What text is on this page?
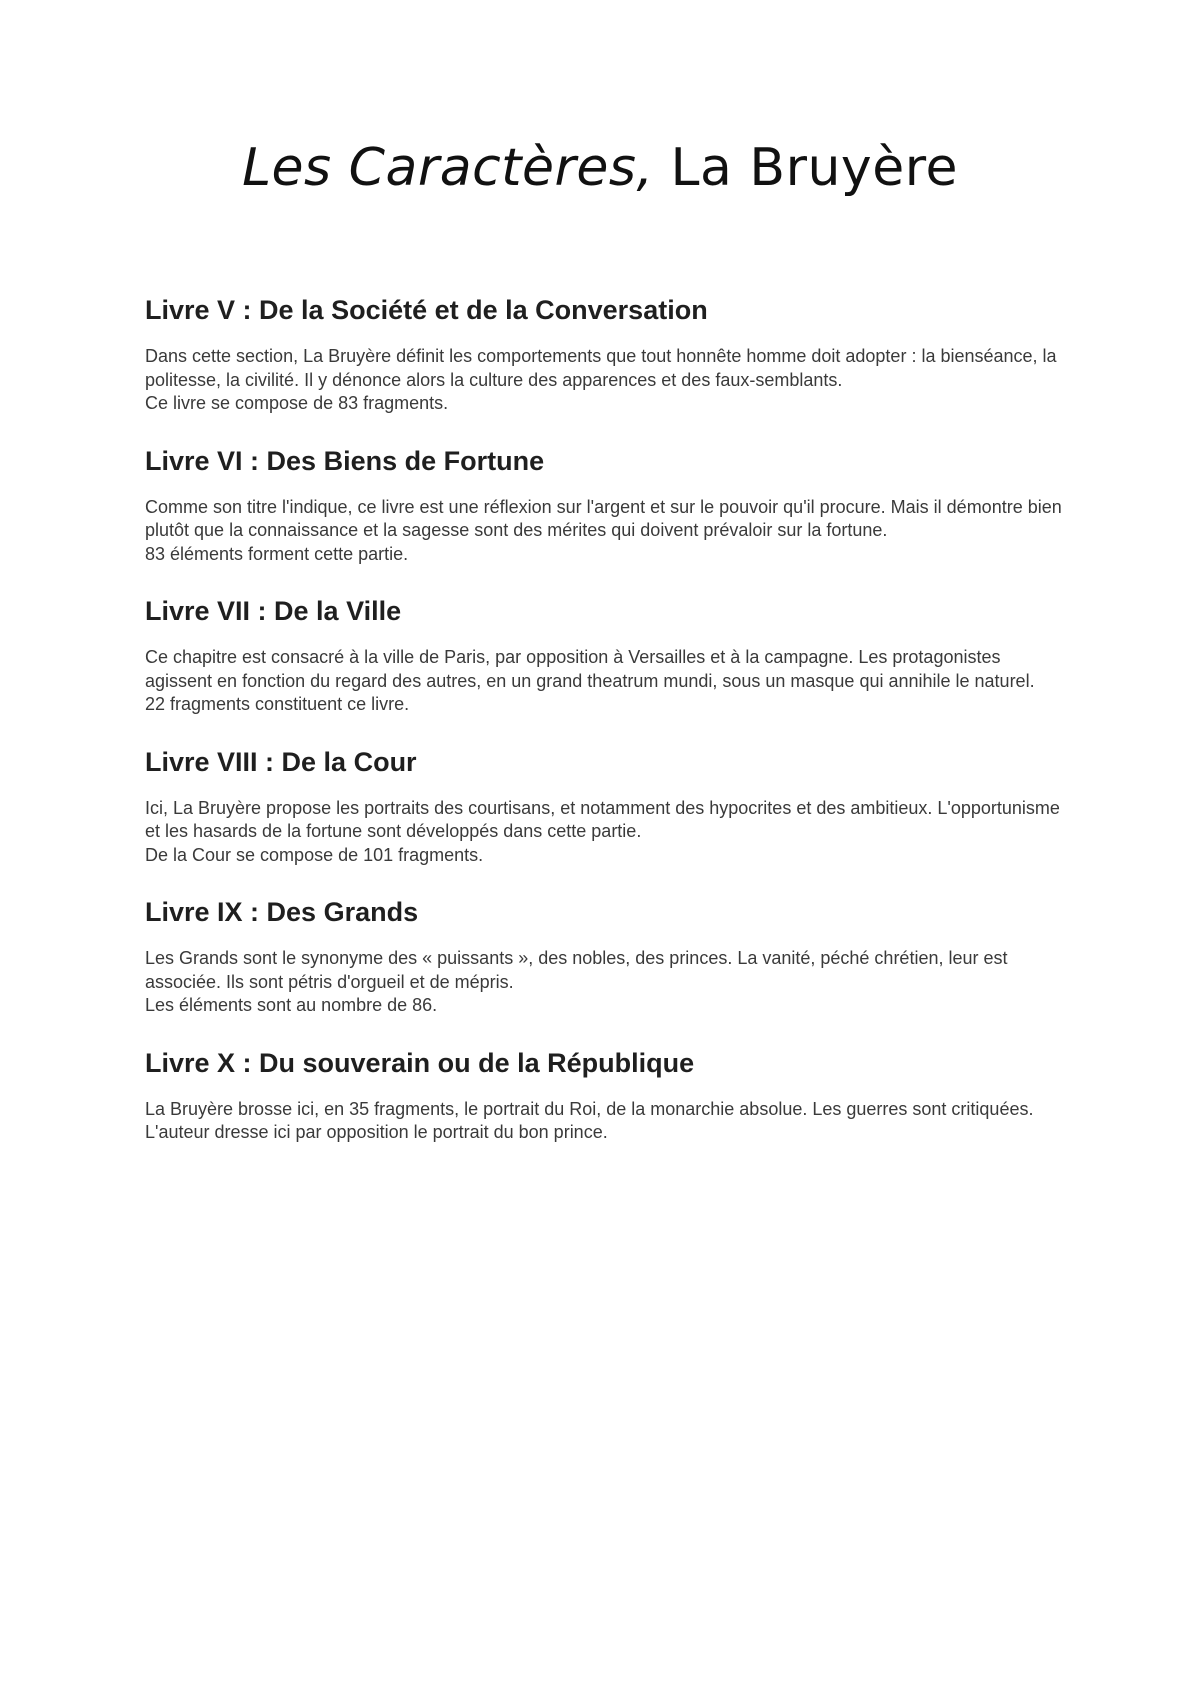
Les Caractères, La Bruyère
Livre V : De la Société et de la Conversation

Dans cette section, La Bruyère définit les comportements que tout honnête homme doit adopter : la bienséance, la politesse, la civilité. Il y dénonce alors la culture des apparences et des faux-semblants.

Ce livre se compose de 83 fragments.

Livre VI : Des Biens de Fortune

Comme son titre l'indique, ce livre est une réflexion sur l'argent et sur le pouvoir qu'il procure. Mais il démontre bien plutôt que la connaissance et la sagesse sont des mérites qui doivent prévaloir sur la fortune.

83 éléments forment cette partie.

Livre VII : De la Ville

Ce chapitre est consacré à la ville de Paris, par opposition à Versailles et à la campagne. Les protagonistes agissent en fonction du regard des autres, en un grand theatrum mundi, sous un masque qui annihile le naturel.

22 fragments constituent ce livre.

Livre VIII : De la Cour

Ici, La Bruyère propose les portraits des courtisans, et notamment des hypocrites et des ambitieux. L'opportunisme et les hasards de la fortune sont développés dans cette partie.

De la Cour se compose de 101 fragments.

Livre IX : Des Grands

Les Grands sont le synonyme des « puissants », des nobles, des princes. La vanité, péché chrétien, leur est associée. Ils sont pétris d'orgueil et de mépris.

Les éléments sont au nombre de 86.

Livre X : Du souverain ou de la République

La Bruyère brosse ici, en 35 fragments, le portrait du Roi, de la monarchie absolue. Les guerres sont critiquées. L'auteur dresse ici par opposition le portrait du bon prince.
